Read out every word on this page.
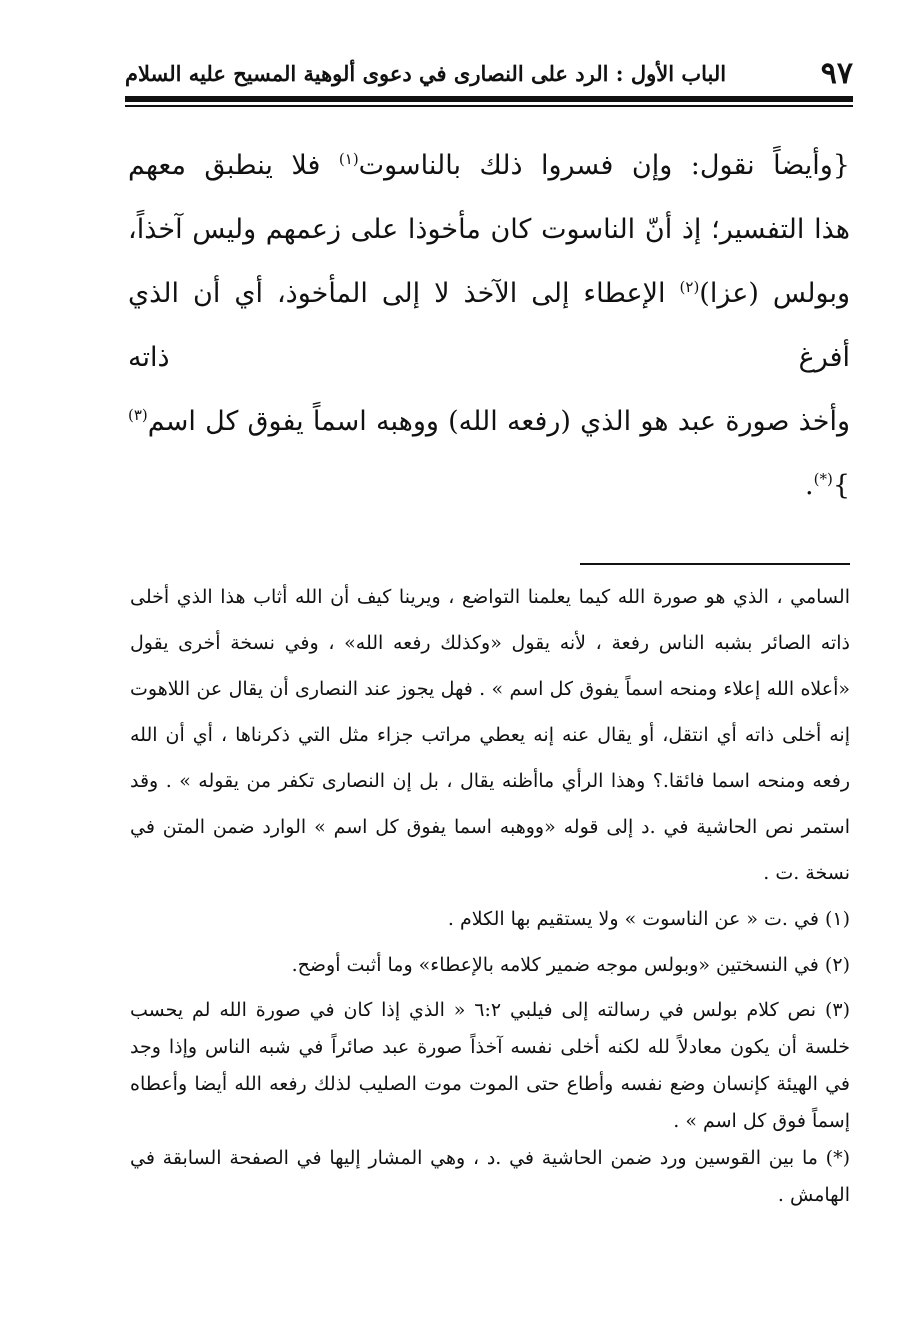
٩٧
الباب الأول : الرد على النصارى في دعوى ألوهية المسيح عليه السلام
{وأيضاً نقول: وإن فسروا ذلك بالناسوت$^{(١)}$ فلا ينطبق معهم
هذا التفسير؛ إذ أنّ الناسوت كان مأخوذا على زعمهم وليس آخذاً،
وبولس (عزا)$^{(٢)}$ الإعطاء إلى الآخذ لا إلى المأخوذ، أي أن الذي أفرغ ذاته
وأخذ صورة عبد هو الذي (رفعه الله) ووهبه اسماً يفوق كل اسم$^{(٣)}$ }(*).

السامي ، الذي هو صورة الله كيما يعلمنا التواضع ، ويرينا كيف أن الله أثاب هذا الذي أخلى ذاته الصائر بشبه الناس رفعة ، لأنه يقول «وكذلك رفعه الله» ، وفي نسخة أخرى يقول «أعلاه الله إعلاء ومنحه اسماً يفوق كل اسم » . فهل يجوز عند النصارى أن يقال عن اللاهوت إنه أخلى ذاته أي انتقل، أو يقال عنه إنه يعطي مراتب جزاء مثل التي ذكرناها ، أي أن الله رفعه ومنحه اسما فائقا.؟ وهذا الرأي ماأظنه يقال ، بل إن النصارى تكفر من يقوله » . وقد استمر نص الحاشية في .د إلى قوله «ووهبه اسما يفوق كل اسم » الوارد ضمن المتن في نسخة .ت .

(١) في .ت « عن الناسوت » ولا يستقيم بها الكلام .

(٢) في النسختين «وبولس موجه ضمير كلامه بالإعطاء» وما أثبت أوضح.

(٣) نص كلام بولس في رسالته إلى فيلبي ٦:٢ « الذي إذا كان في صورة الله لم يحسب خلسة أن يكون معادلاً لله لكنه أخلى نفسه آخذاً صورة عبد صائراً في شبه الناس وإذا وجد في الهيئة كإنسان وضع نفسه وأطاع حتى الموت موت الصليب لذلك رفعه الله أيضا وأعطاه إسماً فوق كل اسم » .

(*) ما بين القوسين ورد ضمن الحاشية في .د ، وهي المشار إليها في الصفحة السابقة في الهامش .
